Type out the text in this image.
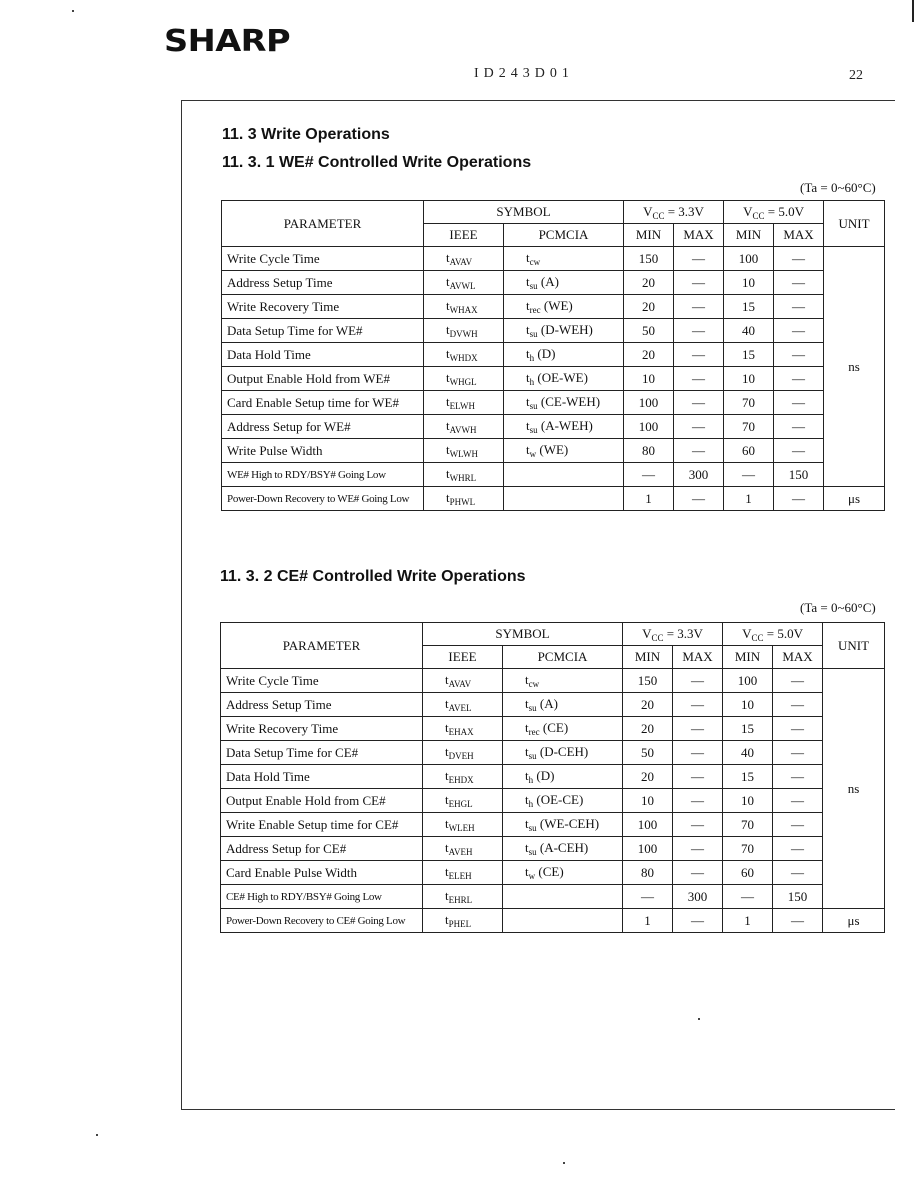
SHARP
ID243D01	22
11. 3 Write Operations
11. 3. 1 WE# Controlled Write Operations
(Ta = 0~60°C)
PARAMETER	SYMBOL		$V_{CC} = 3.3V$		$V_{CC} = 5.0V$		UNIT
	IEEE	PCMCIA	MIN	MAX	MIN	MAX	
Write Cycle Time	$t_{AVAV}$	$t_{cw}$	150	—	100	—	ns
Address Setup Time	$t_{AVWL}$	$t_{su}$ (A)	20	—	10	—	
Write Recovery Time	$t_{WHAX}$	$t_{rec}$ (WE)	20	—	15	—	
Data Setup Time for WE#	$t_{DVWH}$	$t_{su}$ (D-WEH)	50	—	40	—	
Data Hold Time	$t_{WHDX}$	$t_h$ (D)	20	—	15	—	
Output Enable Hold from WE#	$t_{WHGL}$	$t_h$ (OE-WE)	10	—	10	—	
Card Enable Setup time for WE#	$t_{ELWH}$	$t_{su}$ (CE-WEH)	100	—	70	—	
Address Setup for WE#	$t_{AVWH}$	$t_{su}$ (A-WEH)	100	—	70	—	
Write Pulse Width	$t_{WLWH}$	$t_w$ (WE)	80	—	60	—	
WE# High to RDY/BSY# Going Low	$t_{WHRL}$		—	300	—	150	
Power-Down Recovery to WE# Going Low	$t_{PHWL}$		1	—	1	—	μs
11. 3. 2 CE# Controlled Write Operations
(Ta = 0~60°C)
PARAMETER	SYMBOL		$V_{CC} = 3.3V$		$V_{CC} = 5.0V$		UNIT
	IEEE	PCMCIA	MIN	MAX	MIN	MAX	
Write Cycle Time	$t_{AVAV}$	$t_{cw}$	150	—	100	—	ns
Address Setup Time	$t_{AVEL}$	$t_{su}$ (A)	20	—	10	—	
Write Recovery Time	$t_{EHAX}$	$t_{rec}$ (CE)	20	—	15	—	
Data Setup Time for CE#	$t_{DVEH}$	$t_{su}$ (D-CEH)	50	—	40	—	
Data Hold Time	$t_{EHDX}$	$t_h$ (D)	20	—	15	—	
Output Enable Hold from CE#	$t_{EHGL}$	$t_h$ (OE-CE)	10	—	10	—	
Write Enable Setup time for CE#	$t_{WLEH}$	$t_{su}$ (WE-CEH)	100	—	70	—	
Address Setup for CE#	$t_{AVEH}$	$t_{su}$ (A-CEH)	100	—	70	—	
Card Enable Pulse Width	$t_{ELEH}$	$t_w$ (CE)	80	—	60	—	
CE# High to RDY/BSY# Going Low	$t_{EHRL}$		—	300	—	150	
Power-Down Recovery to CE# Going Low	$t_{PHEL}$		1	—	1	—	μs
